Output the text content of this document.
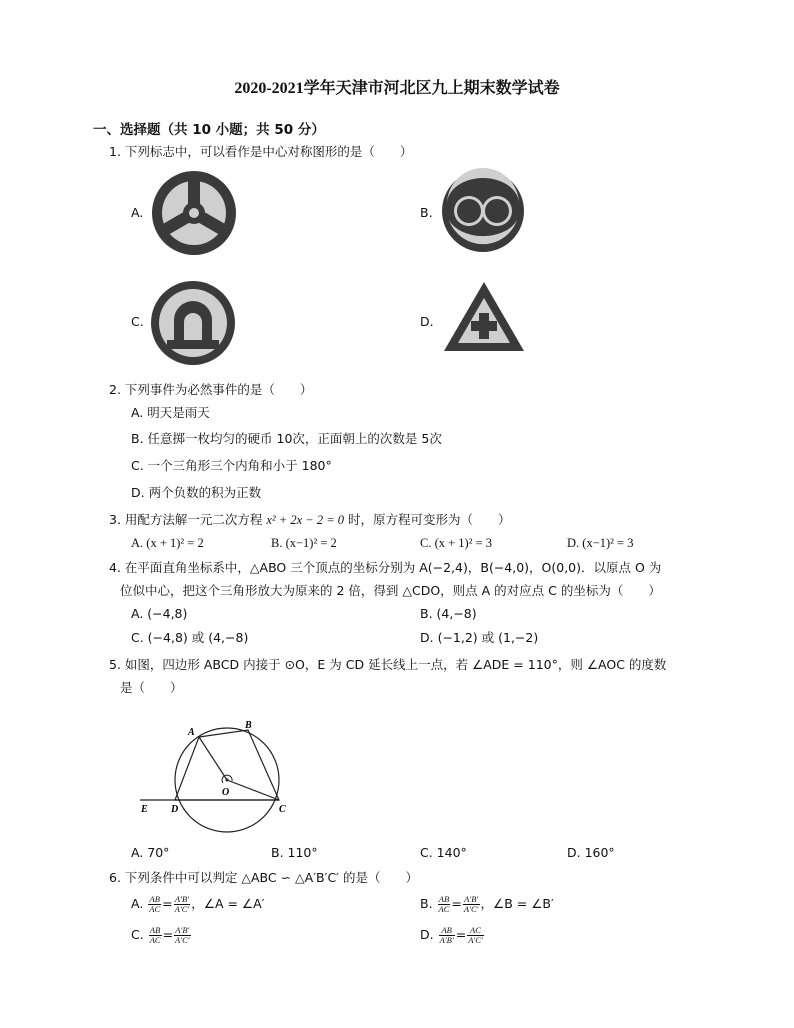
2020-2021学年天津市河北区九上期末数学试卷
一、选择题（共 10 小题；共 50 分）
1. 下列标志中，可以看作是中心对称图形的是（　　）
A.	B.
C.	D.
2. 下列事件为必然事件的是（　　）
A. 明天是雨天
B. 任意掷一枚均匀的硬币 10次，正面朝上的次数是 5次
C. 一个三角形三个内角和小于 180°
D. 两个负数的积为正数
3. 用配方法解一元二次方程 x² + 2x − 2 = 0 时，原方程可变形为（　　）
A. (x + 1)² = 2	B. (x−1)² = 2	C. (x + 1)² = 3	D. (x−1)² = 3
4. 在平面直角坐标系中，△ABO 三个顶点的坐标分别为 A(−2,4)，B(−4,0)，O(0,0)．以原点 O 为
位似中心，把这个三角形放大为原来的 2 倍，得到 △CDO，则点 A 的对应点 C 的坐标为（　　）
A. (−4,8)	B. (4,−8)
C. (−4,8) 或 (4,−8)	D. (−1,2) 或 (1,−2)
5. 如图，四边形 ABCD 内接于 ⊙O，E 为 CD 延长线上一点，若 ∠ADE = 110°，则 ∠AOC 的度数
是（　　）
A
B
C
D
E
O
A. 70°	B. 110°	C. 140°	D. 160°
6. 下列条件中可以判定 △ABC ∽ △A′B′C′ 的是（　　）
A. $\frac{AB}{AC} = \frac{A'B'}{A'C'}$ ，∠A = ∠A′	B. $\frac{AB}{AC} = \frac{A'B'}{A'C'}$ ，∠B = ∠B′
C. $\frac{AB}{AC} = \frac{A'B'}{A'C'}$	D. $\frac{AB}{A'B'} = \frac{AC}{A'C'}$
